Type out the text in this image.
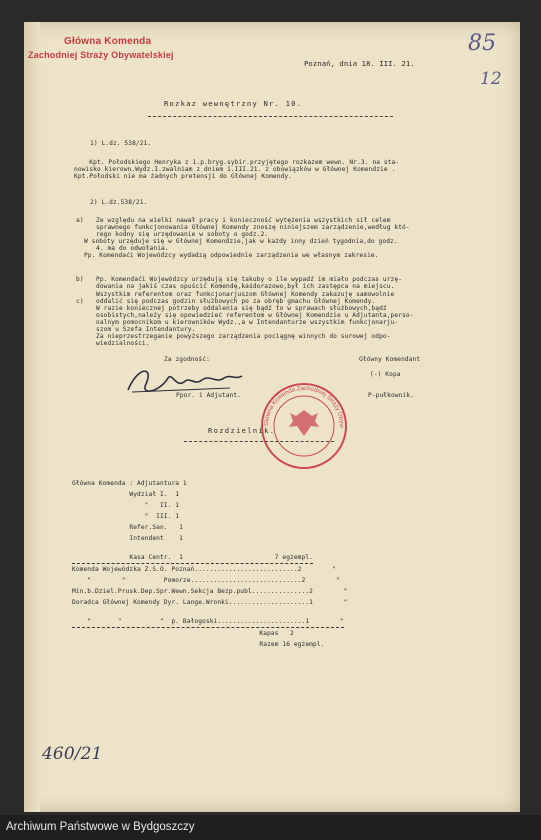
Główna Komenda
Zachodniej Straży Obywatelskiej	85
12
Poznań, dnia 18. III. 21.
Rozkaz wewnętrzny Nr. 10.
1) L.dz. 538/21.
Kpt. Połodskiego Henryka z 1.p.bryg.sybir.przyjętego rozkazem wewn. Nr.3. na sta-
nowisko kierown.Wydz.I.zwalniam z dniem 1.III.21. z obowiązków w Głównej Komendzie .
Kpt.Połodski nie ma żadnych pretensji do Głównej Komendy.
2) L.dz.538/21.
a) Ze względu na wielki nawał pracy i konieczność wytężenia wszystkich sił celem
sprawnego funkcjonowania Głównej Komendy znoszę niniejszem zarządzenie,według któ-
rego kodny się urzędowanie w soboty o godz.2.
W soboty urzęduje się w Głównej Komendzie,jak w każdy inny dzień tygodnia,do godz.
4. ma do odwołania.
Pp. Komendaći Wojewódzcy wydadzą odpowiednie zarządzenia we własnym zakresie.
b) Pp. Komendaći Wojewódzcy urzędują się takuby o ile wypadź im miało podczas urzę-
dowania na jakiś czas opuścić Komendę,kaśdorazowo,był ich zastępca na miejscu.
c)
Wszystkim referentom oraz funkcjonarjuszom Głównej Komendy zakazuję samowolnie
oddalić się podczas godzin służbowych po za obręb gmachu Głównej Komendy.
W razie koniecznej potrzeby oddalenia się bądź to w sprawach służbowych,bądź
osobistych,należy się opowiedzieć referentom w Głównej Komendzie u Adjutanta,perso-
nalnym pomocnikom u kierowników Wydz.,a w Intendanturze wszystkim funkcjonarju-
szom u Szefa Intendantury.
Za nieprzestrzeganie powyższego zarządzenia pociągnę winnych do surowej odpo-
wiedzialności.
Za zgodność:	Główny Komendant
(-) Kopa
Ppor. i Adjutant.	P-pułkownik.
Główna Komenda Zachodniej Straży Obyw
Rozdzielnik.
Główna Komenda : Adjutantura 1
Wydział I.  1
"   II. 1
"  III. 1
Refer.San.   1
Intendent    1
Kasa Centr.  1                        7 egzempl.
Komenda Wojewódzka Z.S.O. Poznań...........................2        "
"        "          Pomorze.............................2        "
Min.b.Dziel.Prusk.Dep.Spr.Wewn.Sekcja Bezp.publ...............2        "
Doradca Głównej Komendy Dyr. Lange.Wronki.....................1        "
"       "          "  p. Bałogoski.......................1        "
Kapas   2
Razem 16 egzempl.
460/21
Archiwum Państwowe w Bydgoszczy
